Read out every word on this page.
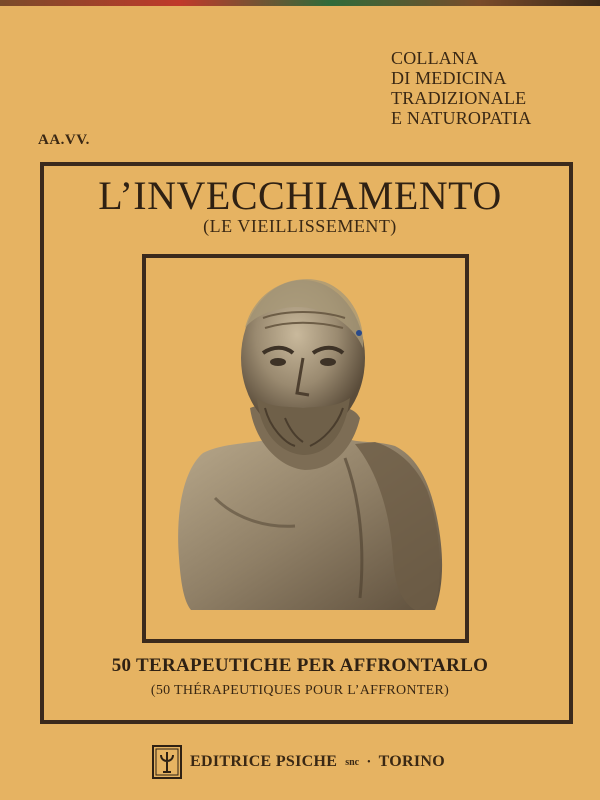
COLLANA
DI MEDICINA
TRADIZIONALE
E NATUROPATIA
AA.VV.
L’INVECCHIAMENTO
(LE VIEILLISSEMENT)
50 TERAPEUTICHE PER AFFRONTARLO
(50 THÉRAPEUTIQUES POUR L’AFFRONTER)
EDITRICE PSICHE snc • TORINO
